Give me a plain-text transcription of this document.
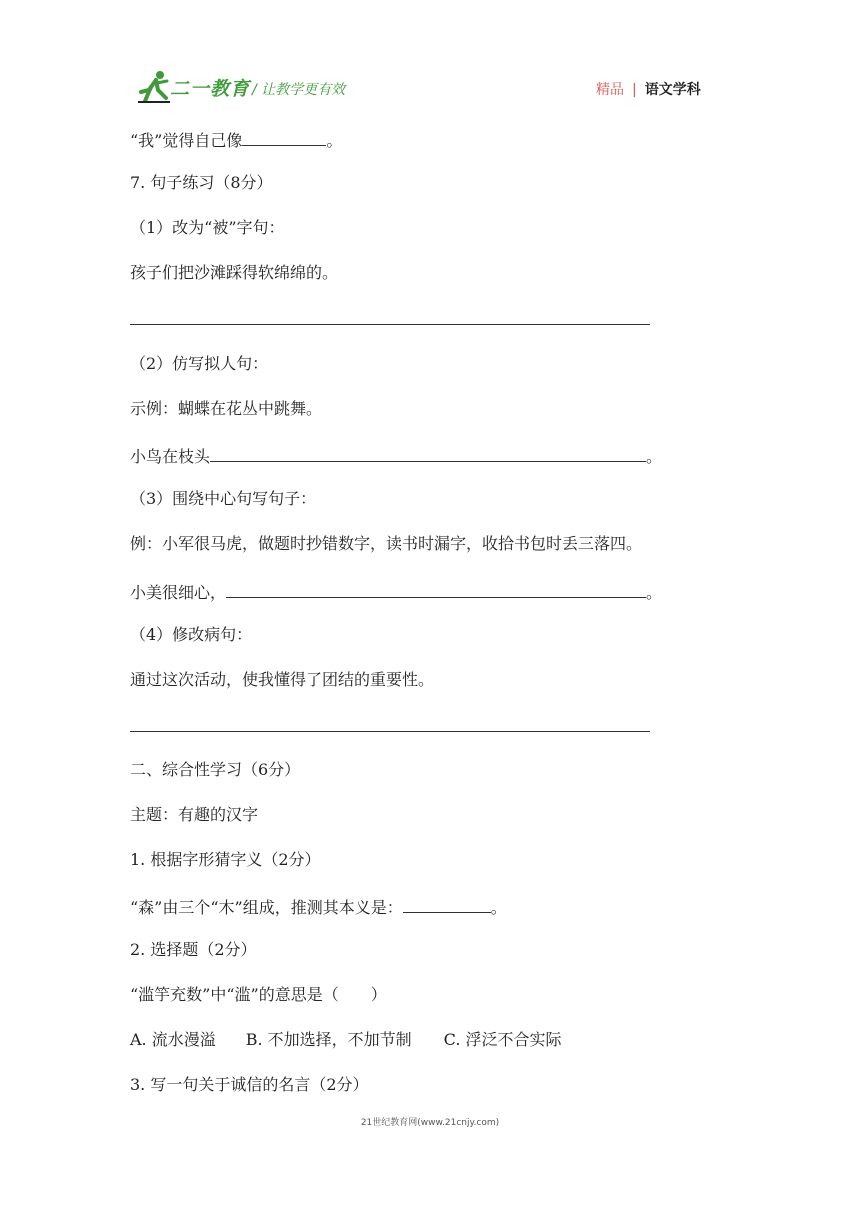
二一教育 / 让教学更有效	精品 | 语文学科
“我”觉得自己像	。
7. 句子练习（8分）
（1）改为“被”字句：
孩子们把沙滩踩得软绵绵的。
（2）仿写拟人句：
示例：蝴蝶在花丛中跳舞。
小鸟在枝头	。
（3）围绕中心句写句子：
例：小军很马虎，做题时抄错数字，读书时漏字，收拾书包时丢三落四。
小美很细心，	。
（4）修改病句：
通过这次活动，使我懂得了团结的重要性。
二、综合性学习（6分）
主题：有趣的汉字
1. 根据字形猜字义（2分）
“森”由三个“木”组成，推测其本义是：	。
2. 选择题（2分）
“滥竽充数”中“滥”的意思是（　　）
A. 流水漫溢 B. 不加选择，不加节制 C. 浮泛不合实际
3. 写一句关于诚信的名言（2分）
21世纪教育网(www.21cnjy.com)
